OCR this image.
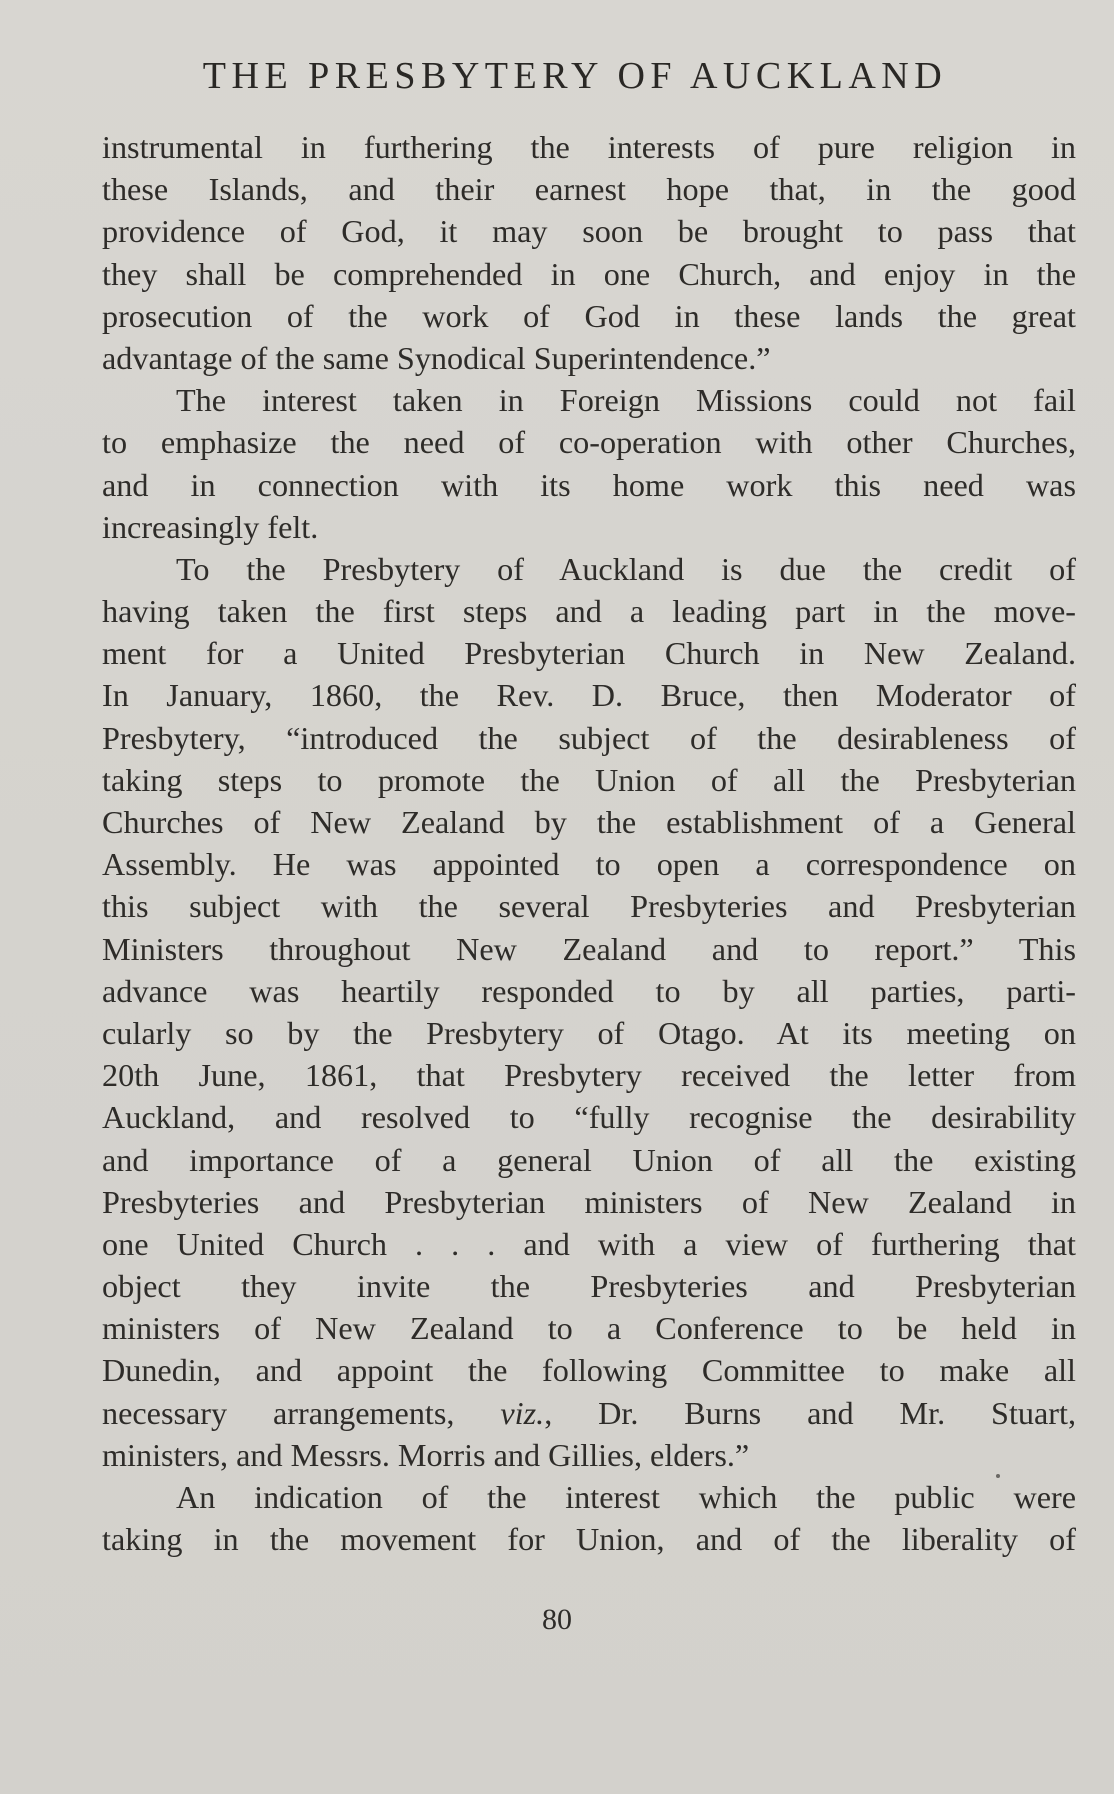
THE PRESBYTERY OF AUCKLAND
instrumental in furthering the interests of pure religion in
these Islands, and their earnest hope that, in the good
providence of God, it may soon be brought to pass that
they shall be comprehended in one Church, and enjoy in the
prosecution of the work of God in these lands the great
advantage of the same Synodical Superintendence.”
The interest taken in Foreign Missions could not fail
to emphasize the need of co-operation with other Churches,
and in connection with its home work this need was
increasingly felt.
To the Presbytery of Auckland is due the credit of
having taken the first steps and a leading part in the move-
ment for a United Presbyterian Church in New Zealand.
In January, 1860, the Rev. D. Bruce, then Moderator of
Presbytery, “introduced the subject of the desirableness of
taking steps to promote the Union of all the Presbyterian
Churches of New Zealand by the establishment of a General
Assembly. He was appointed to open a correspondence on
this subject with the several Presbyteries and Presbyterian
Ministers throughout New Zealand and to report.” This
advance was heartily responded to by all parties, parti-
cularly so by the Presbytery of Otago. At its meeting on
20th June, 1861, that Presbytery received the letter from
Auckland, and resolved to “fully recognise the desirability
and importance of a general Union of all the existing
Presbyteries and Presbyterian ministers of New Zealand in
one United Church . . . and with a view of furthering that
object they invite the Presbyteries and Presbyterian
ministers of New Zealand to a Conference to be held in
Dunedin, and appoint the following Committee to make all
necessary arrangements, viz., Dr. Burns and Mr. Stuart,
ministers, and Messrs. Morris and Gillies, elders.”
An indication of the interest which the public were
taking in the movement for Union, and of the liberality of
80
